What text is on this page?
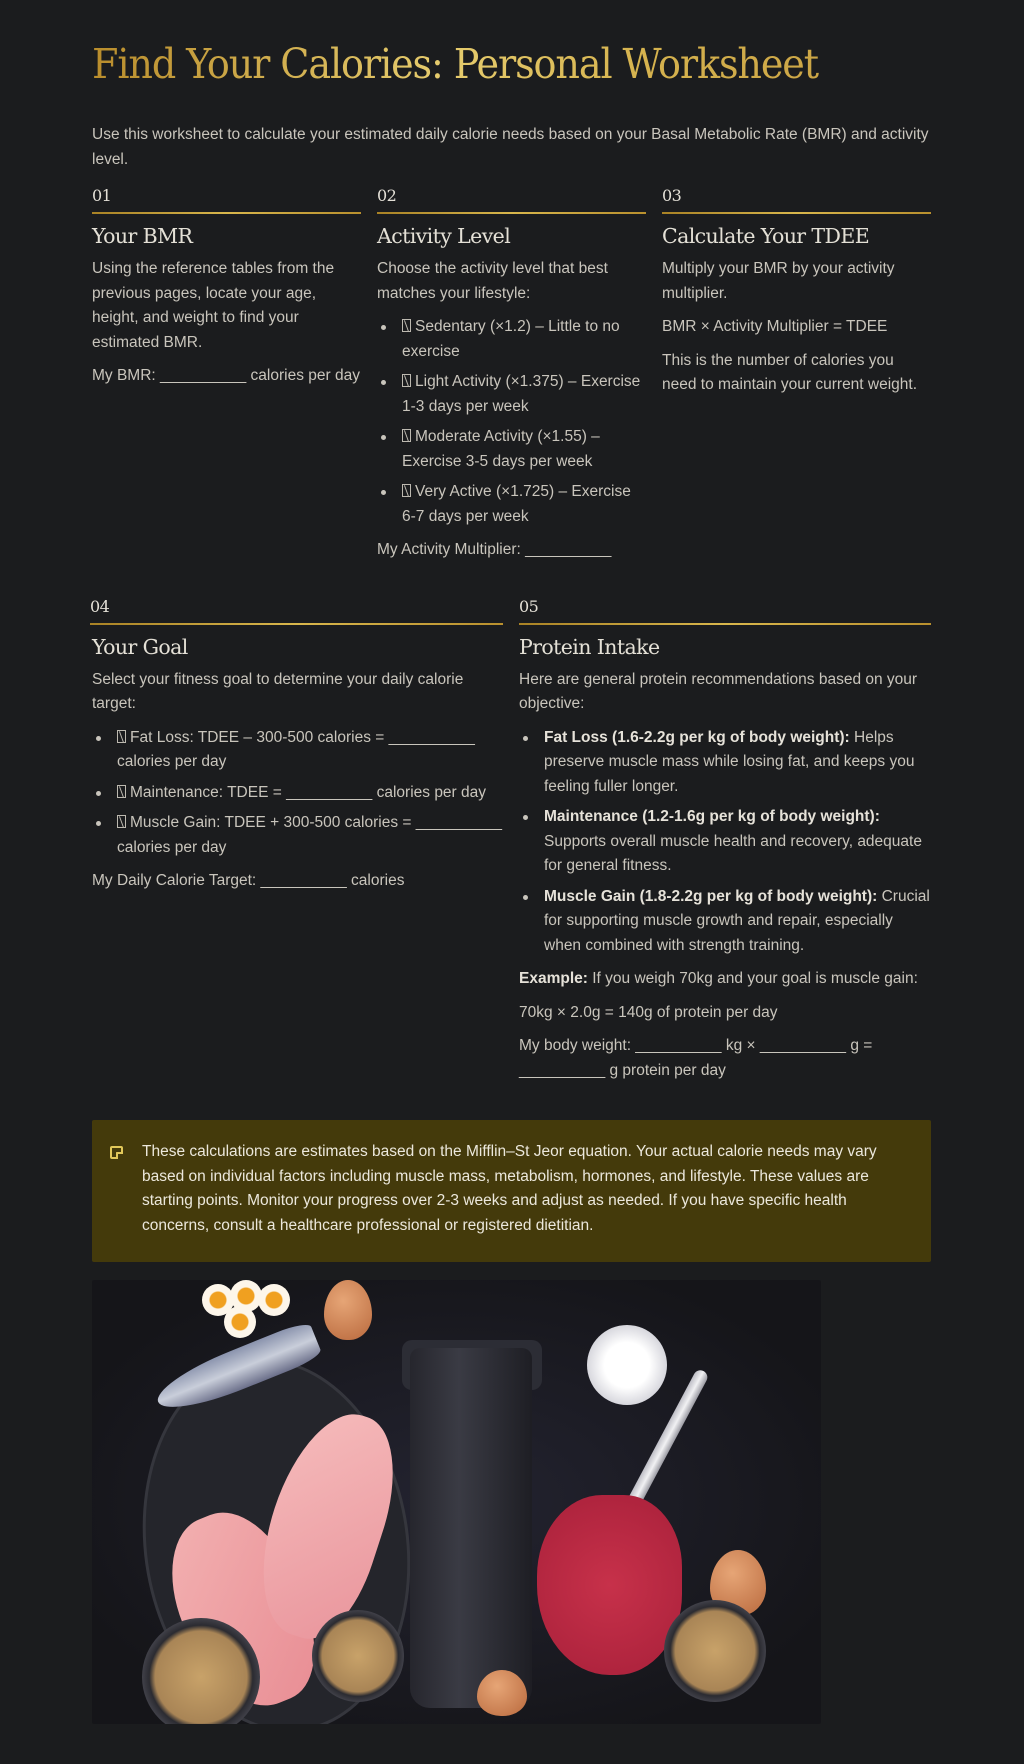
Find Your Calories: Personal Worksheet

Use this worksheet to calculate your estimated daily calorie needs based on your Basal Metabolic Rate (BMR) and activity level.

01
Your BMR

Using the reference tables from the previous pages, locate your age, height, and weight to find your estimated BMR.

My BMR: __________ calories per day

02
Activity Level

Choose the activity level that best matches your lifestyle:

Sedentary (×1.2) – Little to no exercise
Light Activity (×1.375) – Exercise 1-3 days per week
Moderate Activity (×1.55) – Exercise 3-5 days per week
Very Active (×1.725) – Exercise 6-7 days per week

My Activity Multiplier: __________

03
Calculate Your TDEE

Multiply your BMR by your activity multiplier.

BMR × Activity Multiplier = TDEE

This is the number of calories you need to maintain your current weight.

04
Your Goal

Select your fitness goal to determine your daily calorie target:

Fat Loss: TDEE – 300-500 calories = __________ calories per day
Maintenance: TDEE = __________ calories per day
Muscle Gain: TDEE + 300-500 calories = __________ calories per day

My Daily Calorie Target: __________ calories

05
Protein Intake

Here are general protein recommendations based on your objective:

Fat Loss (1.6-2.2g per kg of body weight): Helps preserve muscle mass while losing fat, and keeps you feeling fuller longer.
Maintenance (1.2-1.6g per kg of body weight): Supports overall muscle health and recovery, adequate for general fitness.
Muscle Gain (1.8-2.2g per kg of body weight): Crucial for supporting muscle growth and repair, especially when combined with strength training.

Example: If you weigh 70kg and your goal is muscle gain:

70kg × 2.0g = 140g of protein per day

My body weight: __________ kg × __________ g = __________ g protein per day

These calculations are estimates based on the Mifflin–St Jeor equation. Your actual calorie needs may vary based on individual factors including muscle mass, metabolism, hormones, and lifestyle. These values are starting points. Monitor your progress over 2-3 weeks and adjust as needed. If you have specific health concerns, consult a healthcare professional or registered dietitian.
